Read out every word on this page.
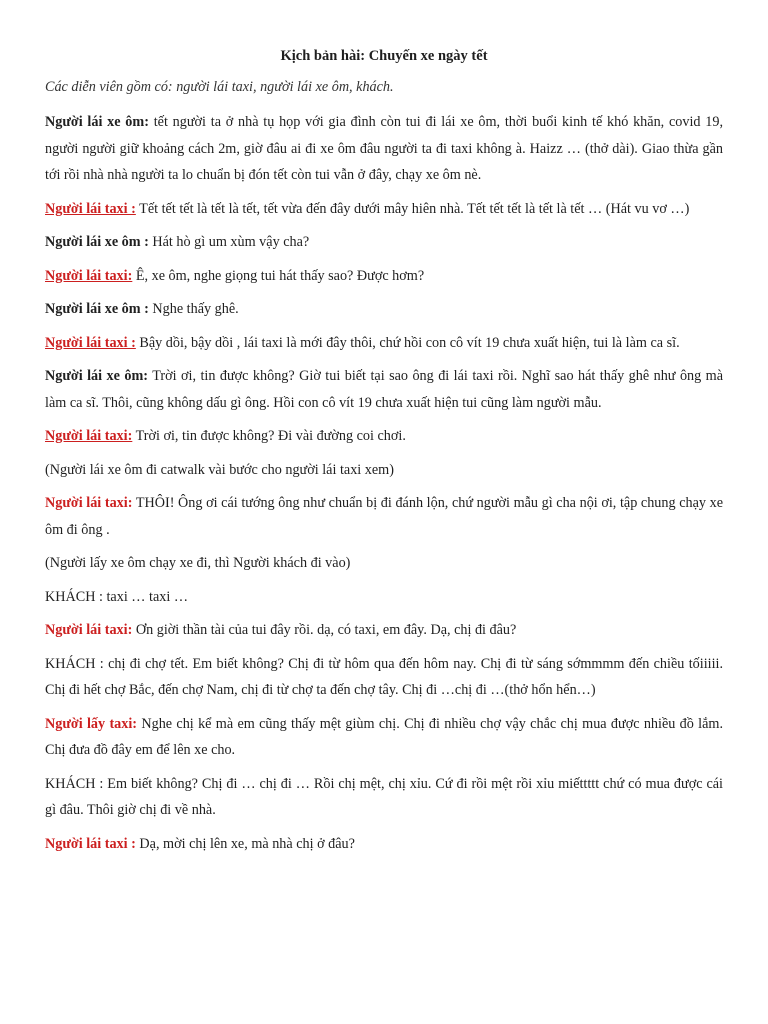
Kịch bản hài: Chuyến xe ngày tết
Các diễn viên gồm có: người lái taxi, người lái xe ôm, khách.
Người lái xe ôm: tết người ta ở nhà tụ họp với gia đình còn tui đi lái xe ôm, thời buổi kinh tế khó khăn, covid 19, người người giữ khoảng cách 2m, giờ đâu ai đi xe ôm đâu người ta đi taxi không à. Haizz … (thở dài). Giao thừa gần tới rồi nhà nhà người ta lo chuẩn bị đón tết còn tui vẫn ở đây, chạy xe ôm nè.
Người lái taxi : Tết tết tết là tết là tết, tết vừa đến đây dưới mây hiên nhà. Tết tết tết là tết là tết … (Hát vu vơ …)
Người lái xe ôm : Hát hò gì um xùm vậy cha?
Người lái taxi: Ê, xe ôm, nghe giọng tui hát thấy sao? Được hơm?
Người lái xe ôm : Nghe thấy ghê.
Người lái taxi : Bậy dồi, bậy dồi , lái taxi là mới đây thôi, chứ hồi con cô vít 19 chưa xuất hiện, tui là làm ca sĩ.
Người lái xe ôm: Trời ơi, tin được không? Giờ tui biết tại sao ông đi lái taxi rồi. Nghĩ sao hát thấy ghê như ông mà làm ca sĩ. Thôi, cũng không dấu gì ông. Hồi con cô vít 19 chưa xuất hiện tui cũng làm người mẫu.
Người lái taxi: Trời ơi, tin được không? Đi vài đường coi chơi.
(Người lái xe ôm đi catwalk vài bước cho người lái taxi xem)
Người lái taxi: THÔI! Ông ơi cái tướng ông như chuẩn bị đi đánh lộn, chứ người mẫu gì cha nội ơi, tập chung chạy xe ôm đi ông .
(Người lấy xe ôm chạy xe đi, thì Người khách đi vào)
KHÁCH : taxi … taxi …
Người lái taxi: Ơn giời thần tài của tui đây rồi. dạ, có taxi, em đây. Dạ, chị đi đâu?
KHÁCH : chị đi chợ tết. Em biết không? Chị đi từ hôm qua đến hôm nay. Chị đi từ sáng sớmmmm đến chiều tốiiiii. Chị đi hết chợ Bắc, đến chợ Nam, chị đi từ chợ ta đến chợ tây. Chị đi …chị đi …(thở hổn hển…)
Người lấy taxi: Nghe chị kể mà em cũng thấy mệt giùm chị. Chị đi nhiều chợ vậy chắc chị mua được nhiều đồ lắm. Chị đưa đồ đây em để lên xe cho.
KHÁCH : Em biết không? Chị đi … chị đi … Rồi chị mệt, chị xỉu. Cứ đi rồi mệt rồi xỉu miếttttt chứ có mua được cái gì đâu. Thôi giờ chị đi về nhà.
Người lái taxi : Dạ, mời chị lên xe, mà nhà chị ở đâu?
